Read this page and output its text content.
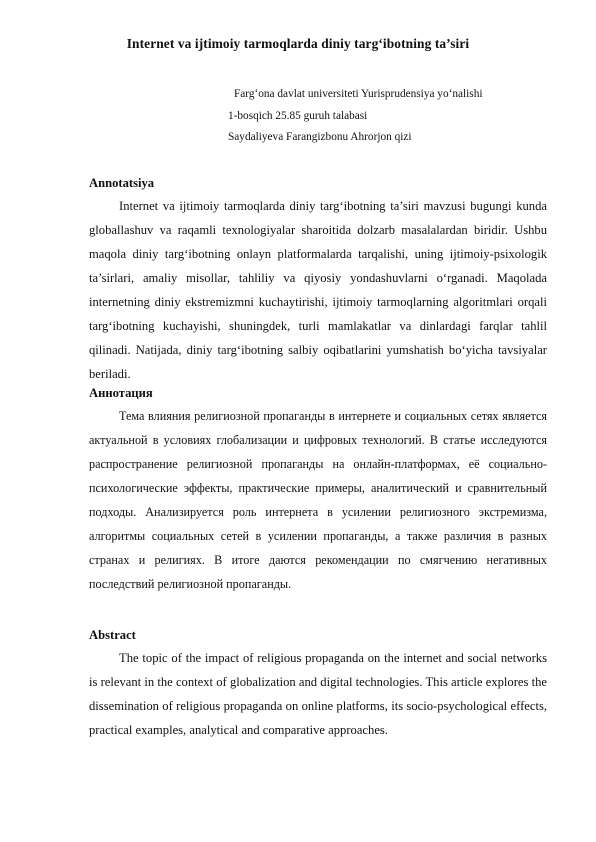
Internet va ijtimoiy tarmoqlarda diniy targʻibotning ta’siri
Farg‘ona davlat universiteti Yurisprudensiya yo‘nalishi
1-bosqich 25.85 guruh talabasi
Saydaliyeva Farangizbonu Ahrorjon qizi
Annotatsiya

Internet va ijtimoiy tarmoqlarda diniy targʻibotning ta’siri mavzusi bugungi kunda globallashuv va raqamli texnologiyalar sharoitida dolzarb masalalardan biridir. Ushbu maqola diniy targʻibotning onlayn platformalarda tarqalishi, uning ijtimoiy-psixologik ta’sirlari, amaliy misollar, tahliliy va qiyosiy yondashuvlarni oʻrganadi. Maqolada internetning diniy ekstremizmni kuchaytirishi, ijtimoiy tarmoqlarning algoritmlari orqali targʻibotning kuchayishi, shuningdek, turli mamlakatlar va dinlardagi farqlar tahlil qilinadi. Natijada, diniy targʻibotning salbiy oqibatlarini yumshatish boʻyicha tavsiyalar beriladi.

Аннотация

Тема влияния религиозной пропаганды в интернете и социальных сетях является актуальной в условиях глобализации и цифровых технологий. В статье исследуются распространение религиозной пропаганды на онлайн-платформах, её социально-психологические эффекты, практические примеры, аналитический и сравнительный подходы. Анализируется роль интернета в усилении религиозного экстремизма, алгоритмы социальных сетей в усилении пропаганды, а также различия в разных странах и религиях. В итоге даются рекомендации по смягчению негативных последствий религиозной пропаганды.

Abstract

The topic of the impact of religious propaganda on the internet and social networks is relevant in the context of globalization and digital technologies. This article explores the dissemination of religious propaganda on online platforms, its socio-psychological effects, practical examples, analytical and comparative approaches.
